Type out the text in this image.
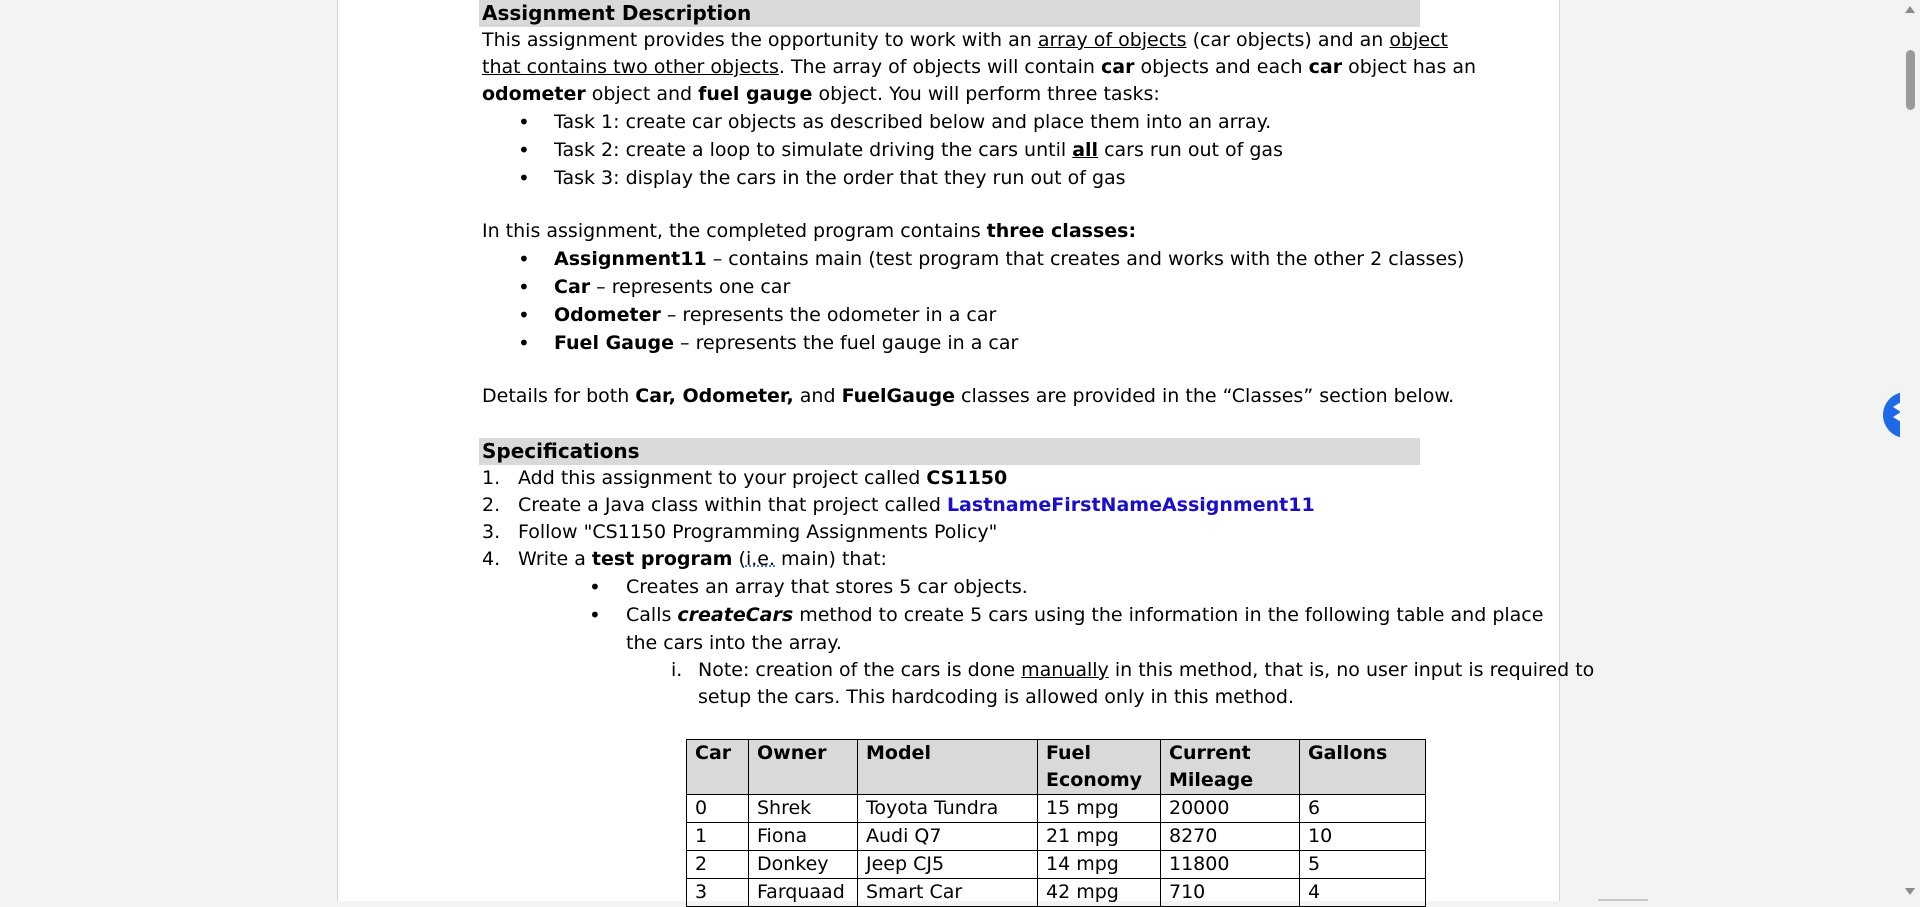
Assignment Description

This assignment provides the opportunity to work with an array of objects (car objects) and an object that contains two other objects. The array of objects will contain car objects and each car object has an odometer object and fuel gauge object. You will perform three tasks:

• Task 1: create car objects as described below and place them into an array.
• Task 2: create a loop to simulate driving the cars until all cars run out of gas
• Task 3: display the cars in the order that they run out of gas

In this assignment, the completed program contains three classes:

• Assignment11 – contains main (test program that creates and works with the other 2 classes)
• Car – represents one car
• Odometer – represents the odometer in a car
• Fuel Gauge – represents the fuel gauge in a car

Details for both Car, Odometer, and FuelGauge classes are provided in the “Classes” section below.

Specifications
1. Add this assignment to your project called CS1150
2. Create a Java class within that project called LastnameFirstNameAssignment11
3. Follow "CS1150 Programming Assignments Policy"
4. Write a test program (i.e. main) that:
• Creates an array that stores 5 car objects.
• Calls createCars method to create 5 cars using the information in the following table and place the cars into the array.
i. Note: creation of the cars is done manually in this method, that is, no user input is required to setup the cars. This hardcoding is allowed only in this method.
Car	Owner	Model	Fuel Economy	Current Mileage	Gallons
0	Shrek	Toyota Tundra	15 mpg	20000	6
1	Fiona	Audi Q7	21 mpg	8270	10
2	Donkey	Jeep CJ5	14 mpg	11800	5
3	Farquaad	Smart Car	42 mpg	710	4
